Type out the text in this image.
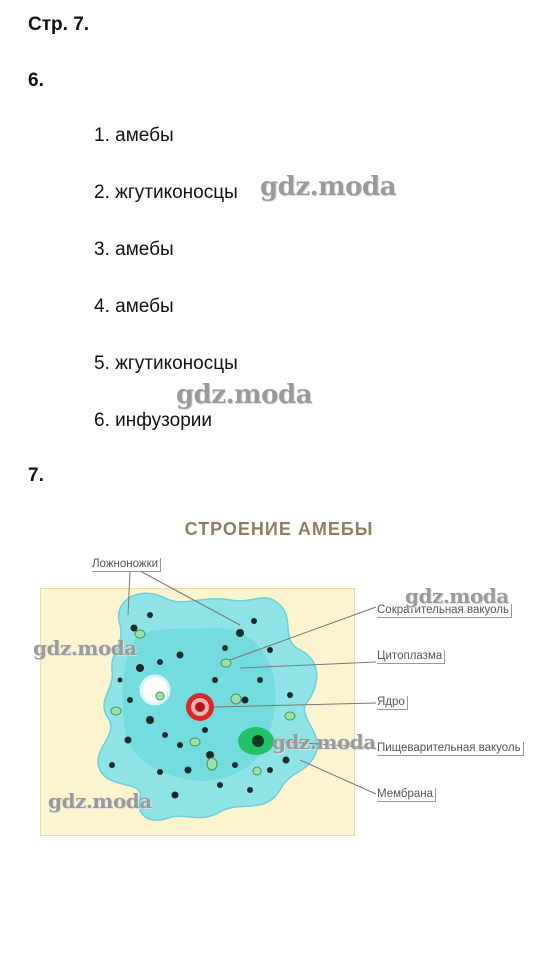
Стр. 7.
6.
1. амебы
2. жгутиконосцы
3. амебы
4. амебы
5. жгутиконосцы
6. инфузории
7.
СТРОЕНИЕ АМЕБЫ
Ложноножки
Сократительная вакуоль
Цитоплазма
Ядро
Пищеварительная вакуоль
Мембрана
gdz.moda
gdz.moda
gdz.moda
gdz.moda
gdz.moda
gdz.moda
